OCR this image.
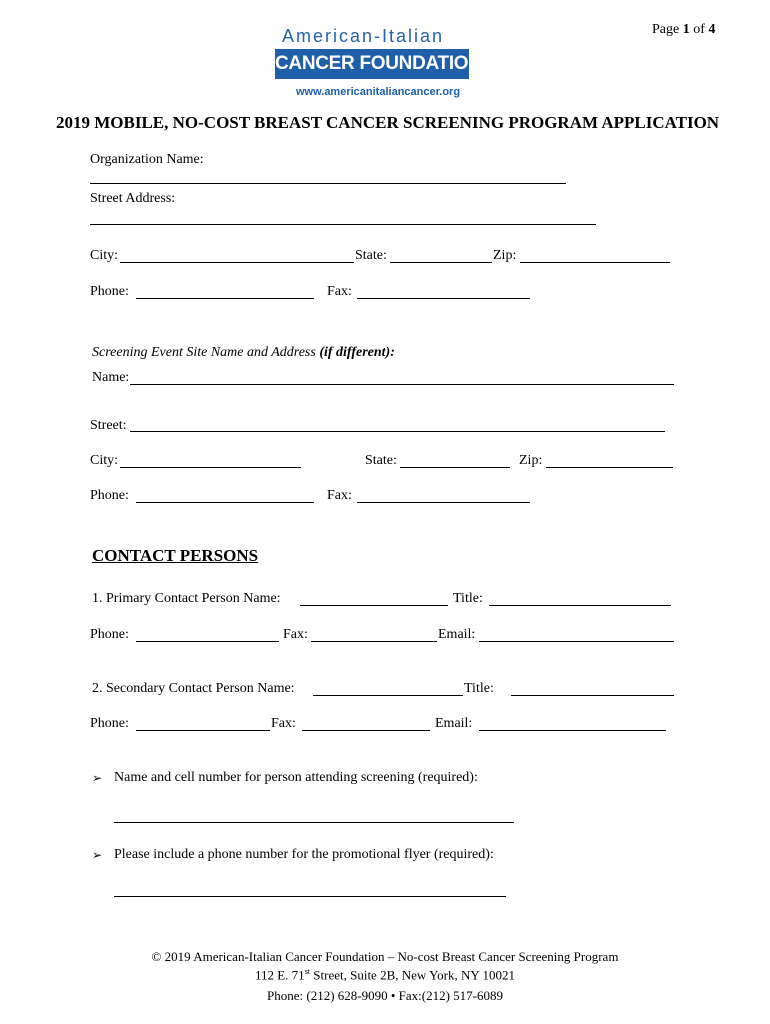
Page 1 of 4
American-Italian
CANCER FOUNDATION
www.americanitaliancancer.org
2019 MOBILE, NO-COST BREAST CANCER SCREENING PROGRAM APPLICATION
Organization Name:
Street Address:
City:	State:	Zip:
Phone:	Fax:
Screening Event Site Name and Address (if different):
Name:
Street:
City:	State:	Zip:
Phone:	Fax:
CONTACT PERSONS
1. Primary Contact Person Name:	Title:
Phone:	Fax:	Email:
2. Secondary Contact Person Name:	Title:
Phone:	Fax:	Email:
➢ Name and cell number for person attending screening (required):
➢ Please include a phone number for the promotional flyer (required):
© 2019 American-Italian Cancer Foundation – No-cost Breast Cancer Screening Program
112 E. 71st Street, Suite 2B, New York, NY 10021
Phone: (212) 628-9090 • Fax:(212) 517-6089
